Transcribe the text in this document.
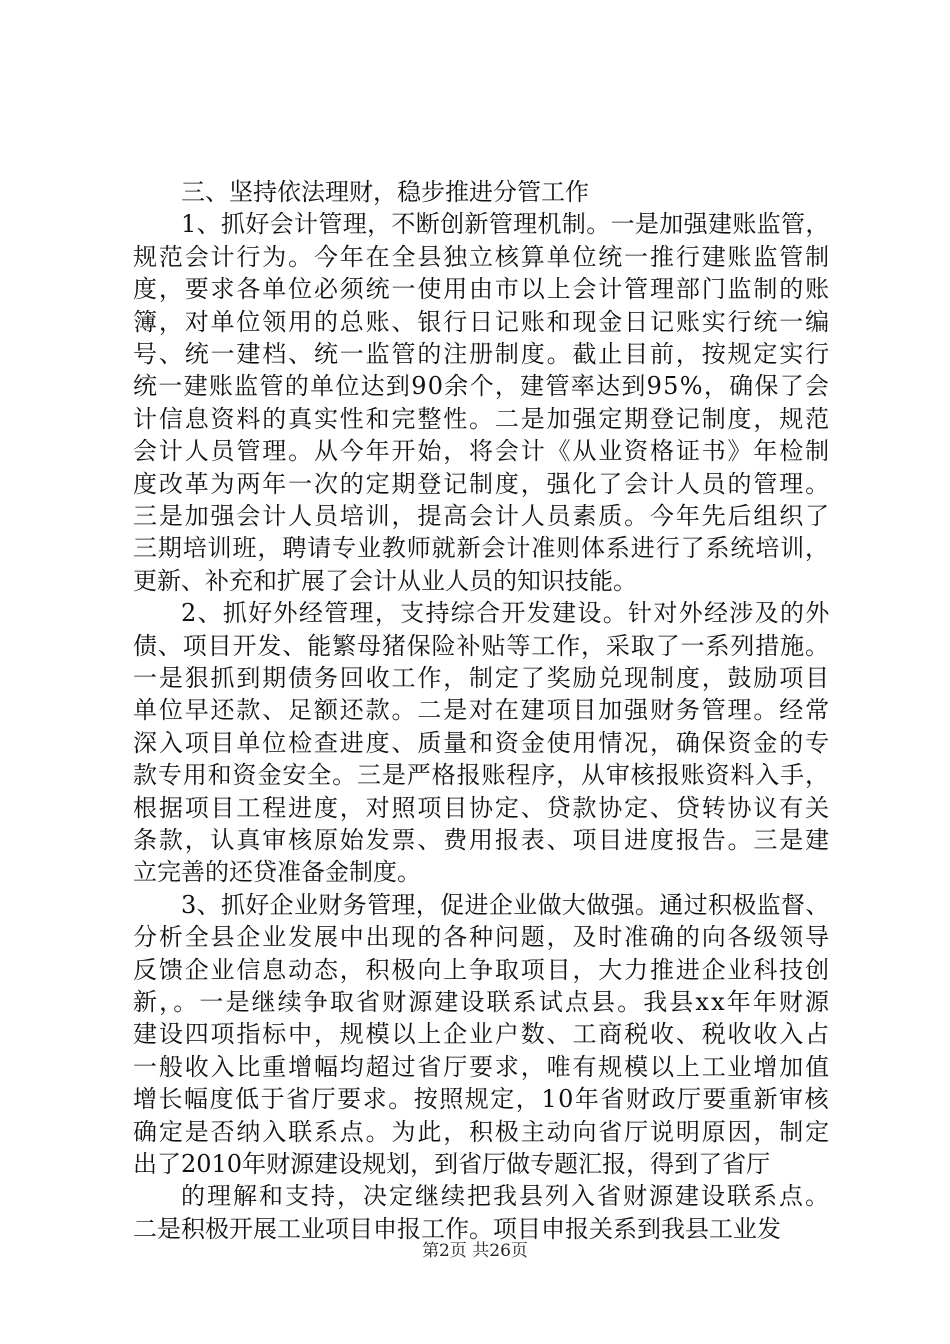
三、坚持依法理财，稳步推进分管工作
1、抓好会计管理，不断创新管理机制。一是加强建账监管，
规范会计行为。今年在全县独立核算单位统一推行建账监管制
度，要求各单位必须统一使用由市以上会计管理部门监制的账
簿，对单位领用的总账、银行日记账和现金日记账实行统一编
号、统一建档、统一监管的注册制度。截止目前，按规定实行
统一建账监管的单位达到90余个，建管率达到95%，确保了会
计信息资料的真实性和完整性。二是加强定期登记制度，规范
会计人员管理。从今年开始，将会计《从业资格证书》年检制
度改革为两年一次的定期登记制度，强化了会计人员的管理。
三是加强会计人员培训，提高会计人员素质。今年先后组织了
三期培训班，聘请专业教师就新会计准则体系进行了系统培训，
更新、补充和扩展了会计从业人员的知识技能。
2、抓好外经管理，支持综合开发建设。针对外经涉及的外
债、项目开发、能繁母猪保险补贴等工作，采取了一系列措施。
一是狠抓到期债务回收工作，制定了奖励兑现制度，鼓励项目
单位早还款、足额还款。二是对在建项目加强财务管理。经常
深入项目单位检查进度、质量和资金使用情况，确保资金的专
款专用和资金安全。三是严格报账程序，从审核报账资料入手，
根据项目工程进度，对照项目协定、贷款协定、贷转协议有关
条款，认真审核原始发票、费用报表、项目进度报告。三是建
立完善的还贷准备金制度。
3、抓好企业财务管理，促进企业做大做强。通过积极监督、
分析全县企业发展中出现的各种问题，及时准确的向各级领导
反馈企业信息动态，积极向上争取项目，大力推进企业科技创
新，。一是继续争取省财源建设联系试点县。我县xx年年财源
建设四项指标中，规模以上企业户数、工商税收、税收收入占
一般收入比重增幅均超过省厅要求，唯有规模以上工业增加值
增长幅度低于省厅要求。按照规定，10年省财政厅要重新审核
确定是否纳入联系点。为此，积极主动向省厅说明原因，制定
出了2010年财源建设规划，到省厅做专题汇报，得到了省厅
的理解和支持，决定继续把我县列入省财源建设联系点。
二是积极开展工业项目申报工作。项目申报关系到我县工业发
第2页 共26页
